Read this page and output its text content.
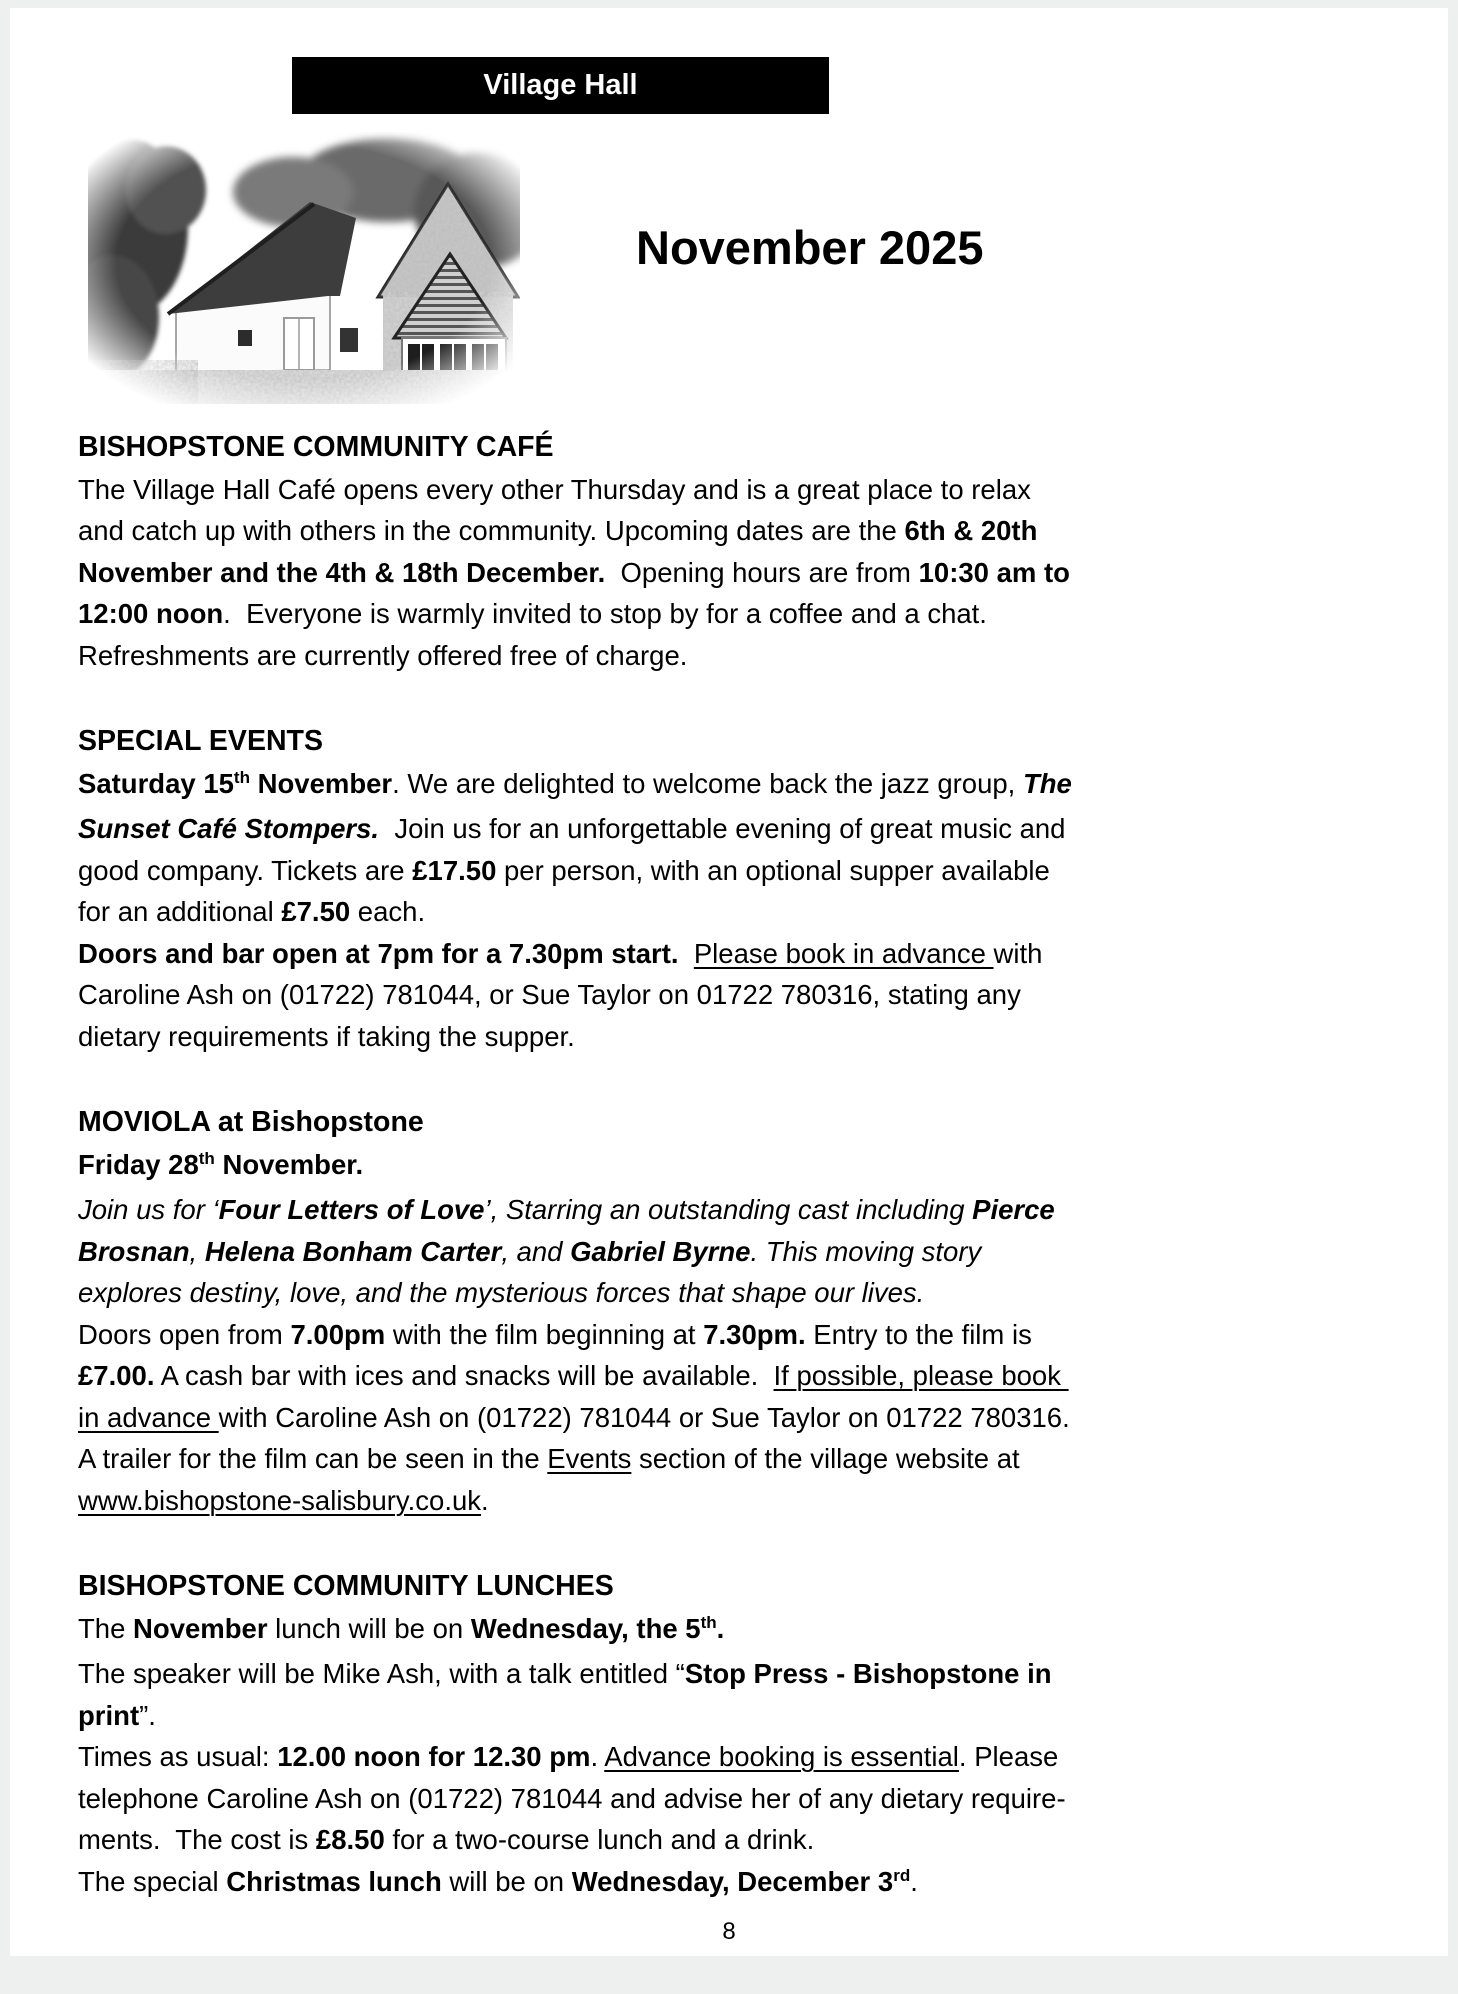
Village Hall
November 2025
BISHOPSTONE COMMUNITY CAFÉ

The Village Hall Café opens every other Thursday and is a great place to relax and catch up with others in the community. Upcoming dates are the 6th & 20th November and the 4th & 18th December.  Opening hours are from 10:30 am to 12:00 noon.  Everyone is warmly invited to stop by for a coffee and a chat. Refreshments are currently offered free of charge.

SPECIAL EVENTS

Saturday 15th November. We are delighted to welcome back the jazz group, The Sunset Café Stompers.  Join us for an unforgettable evening of great music and good company. Tickets are £17.50 per person, with an optional supper available for an additional £7.50 each.

Doors and bar open at 7pm for a 7.30pm start. Please book in advance with Caroline Ash on (01722) 781044, or Sue Taylor on 01722 780316, stating any dietary requirements if taking the supper.

MOVIOLA at Bishopstone

Friday 28th November.

Join us for ‘Four Letters of Love’, Starring an outstanding cast including Pierce Brosnan, Helena Bonham Carter, and Gabriel Byrne. This moving story explores destiny, love, and the mysterious forces that shape our lives.

Doors open from 7.00pm with the film beginning at 7.30pm. Entry to the film is £7.00. A cash bar with ices and snacks will be available.  If possible, please book in advance with Caroline Ash on (01722) 781044 or Sue Taylor on 01722 780316.   A trailer for the film can be seen in the Events section of the village website at www.bishopstone-salisbury.co.uk.

BISHOPSTONE COMMUNITY LUNCHES

The November lunch will be on Wednesday, the 5th.

The speaker will be Mike Ash, with a talk entitled “Stop Press - Bishopstone in print”.

Times as usual: 12.00 noon for 12.30 pm. Advance booking is essential. Please telephone Caroline Ash on (01722) 781044 and advise her of any dietary requirements.  The cost is £8.50 for a two-course lunch and a drink.

The special Christmas lunch will be on Wednesday, December 3rd.

8
